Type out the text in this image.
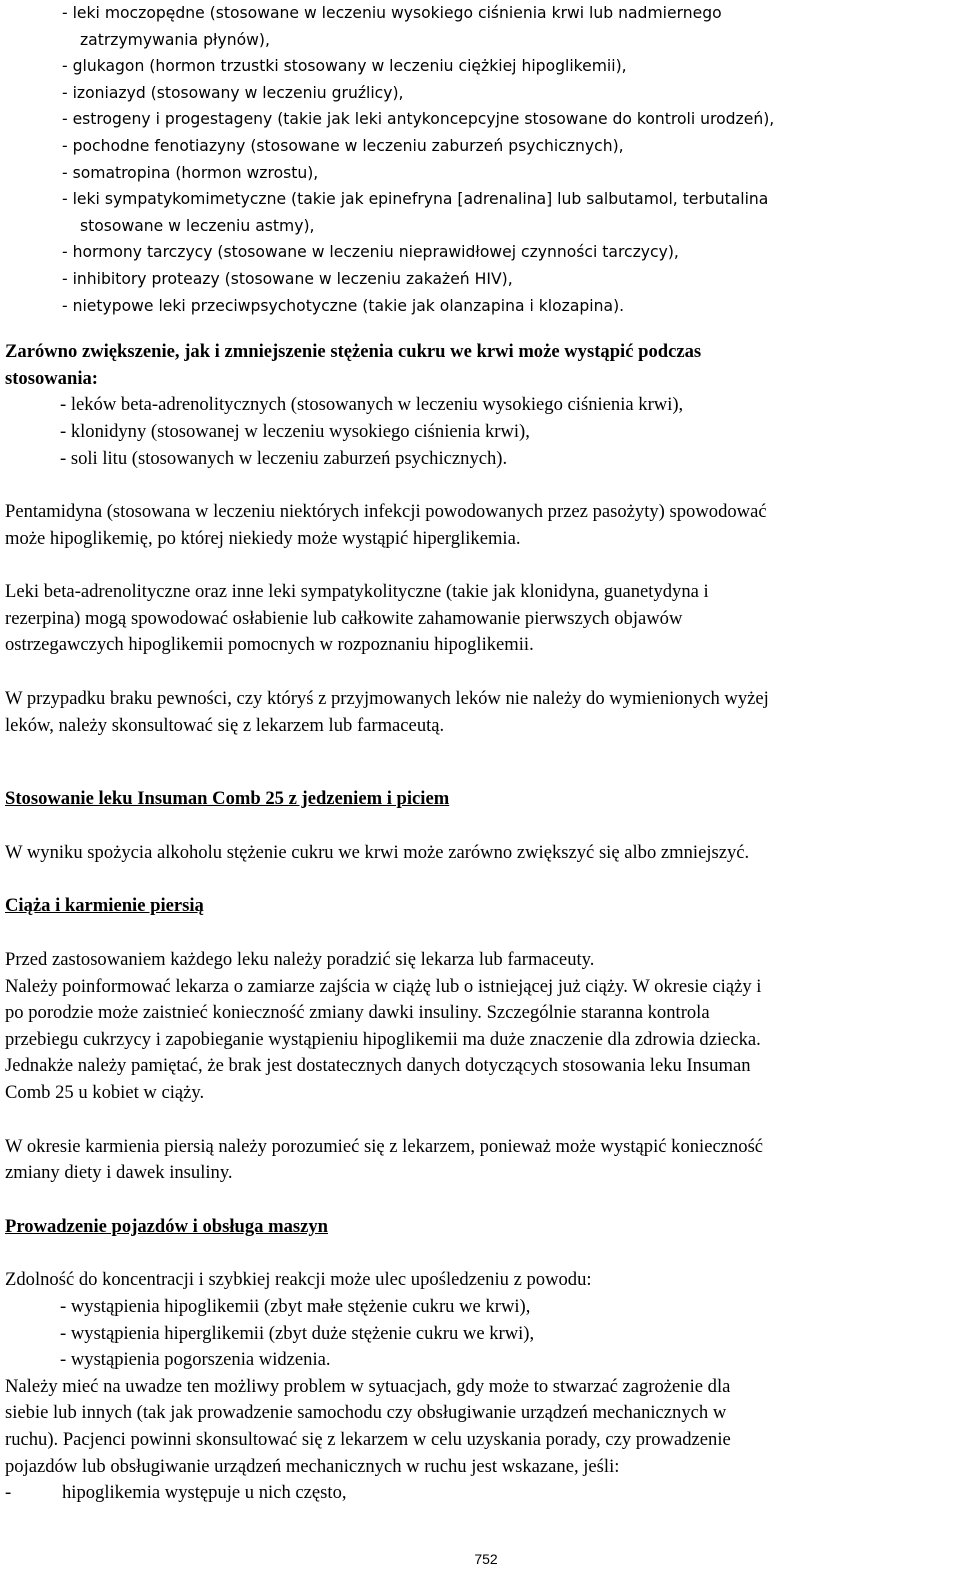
- leki moczopędne (stosowane w leczeniu wysokiego ciśnienia krwi lub nadmiernego

zatrzymywania płynów),

- glukagon (hormon trzustki stosowany w leczeniu ciężkiej hipoglikemii),

- izoniazyd (stosowany w leczeniu gruźlicy),

- estrogeny i progestageny (takie jak leki antykoncepcyjne stosowane do kontroli urodzeń),

- pochodne fenotiazyny (stosowane w leczeniu zaburzeń psychicznych),

- somatropina (hormon wzrostu),

- leki sympatykomimetyczne (takie jak epinefryna [adrenalina] lub salbutamol, terbutalina

stosowane w leczeniu astmy),

- hormony tarczycy (stosowane w leczeniu nieprawidłowej czynności tarczycy),

- inhibitory proteazy (stosowane w leczeniu zakażeń HIV),

- nietypowe leki przeciwpsychotyczne (takie jak olanzapina i klozapina).

Zarówno zwiększenie, jak i zmniejszenie stężenia cukru we krwi może wystąpić podczas

stosowania:

- leków beta-adrenolitycznych (stosowanych w leczeniu wysokiego ciśnienia krwi),

- klonidyny (stosowanej w leczeniu wysokiego ciśnienia krwi),

- soli litu (stosowanych w leczeniu zaburzeń psychicznych).

Pentamidyna (stosowana w leczeniu niektórych infekcji powodowanych przez pasożyty) spowodować

może hipoglikemię, po której niekiedy może wystąpić hiperglikemia.

Leki beta-adrenolityczne oraz inne leki sympatykolityczne (takie jak klonidyna, guanetydyna i

rezerpina) mogą spowodować osłabienie lub całkowite zahamowanie pierwszych objawów

ostrzegawczych hipoglikemii pomocnych w rozpoznaniu hipoglikemii.

W przypadku braku pewności, czy któryś z przyjmowanych leków nie należy do wymienionych wyżej

leków, należy skonsultować się z lekarzem lub farmaceutą.

Stosowanie leku Insuman Comb 25 z jedzeniem i piciem

W wyniku spożycia alkoholu stężenie cukru we krwi może zarówno zwiększyć się albo zmniejszyć.

Ciąża i karmienie piersią

Przed zastosowaniem każdego leku należy poradzić się lekarza lub farmaceuty.

Należy poinformować lekarza o zamiarze zajścia w ciążę lub o istniejącej już ciąży. W okresie ciąży i

po porodzie może zaistnieć konieczność zmiany dawki insuliny. Szczególnie staranna kontrola

przebiegu cukrzycy i zapobieganie wystąpieniu hipoglikemii ma duże znaczenie dla zdrowia dziecka.

Jednakże należy pamiętać, że brak jest dostatecznych danych dotyczących stosowania leku Insuman

Comb 25 u kobiet w ciąży.

W okresie karmienia piersią należy porozumieć się z lekarzem, ponieważ może wystąpić konieczność

zmiany diety i dawek insuliny.

Prowadzenie pojazdów i obsługa maszyn

Zdolność do koncentracji i szybkiej reakcji może ulec upośledzeniu z powodu:

- wystąpienia hipoglikemii (zbyt małe stężenie cukru we krwi),

- wystąpienia hiperglikemii (zbyt duże stężenie cukru we krwi),

- wystąpienia pogorszenia widzenia.

Należy mieć na uwadze ten możliwy problem w sytuacjach, gdy może to stwarzać zagrożenie dla

siebie lub innych (tak jak prowadzenie samochodu czy obsługiwanie urządzeń mechanicznych w

ruchu). Pacjenci powinni skonsultować się z lekarzem w celu uzyskania porady, czy prowadzenie

pojazdów lub obsługiwanie urządzeń mechanicznych w ruchu jest wskazane, jeśli:

-	hipoglikemia występuje u nich często,
752
